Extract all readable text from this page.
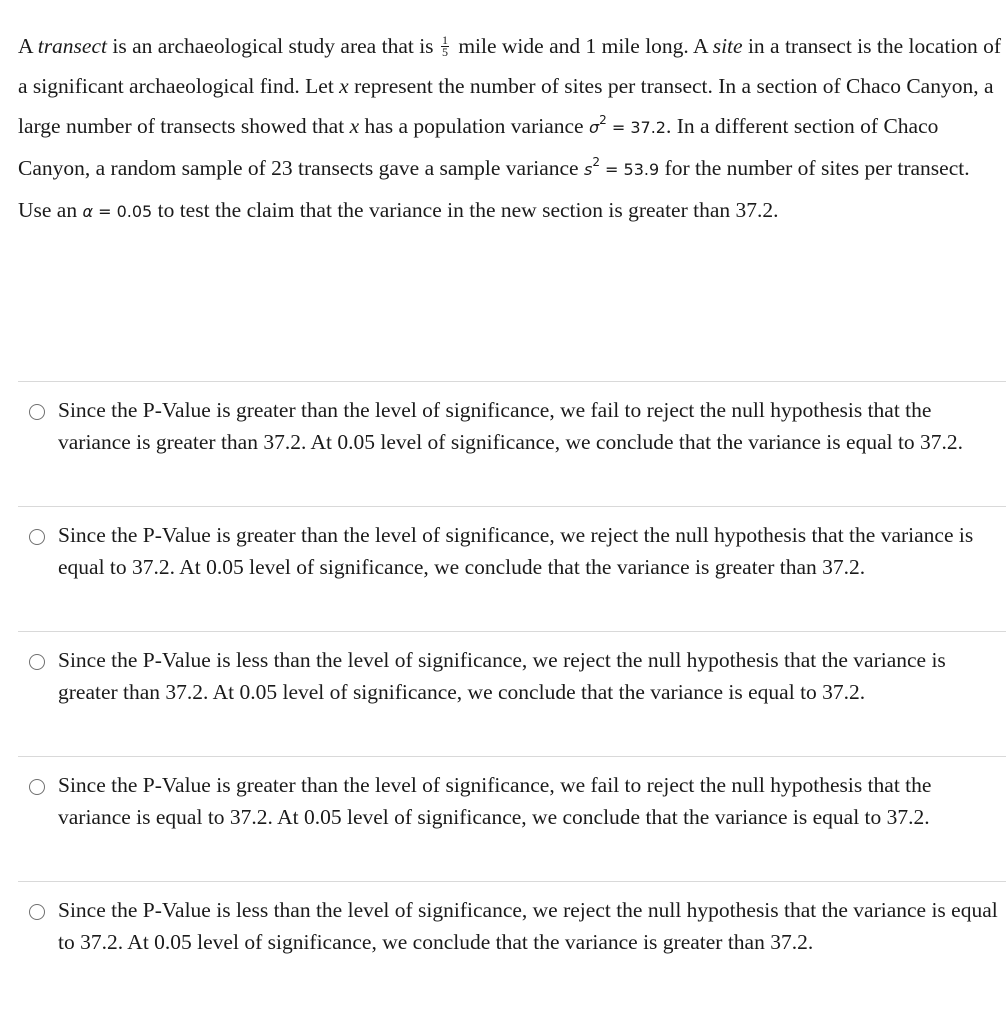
A transect is an archaeological study area that is $\frac{1}{5}$ mile wide and 1 mile long. A site in a transect is the location of a significant archaeological find. Let x represent the number of sites per transect. In a section of Chaco Canyon, a large number of transects showed that x has a population variance $\sigma^2 = 37.2$. In a different section of Chaco Canyon, a random sample of 23 transects gave a sample variance $s^2 = 53.9$ for the number of sites per transect. Use an α = 0.05 to test the claim that the variance in the new section is greater than 37.2.
Since the P-Value is greater than the level of significance, we fail to reject the null hypothesis that the variance is greater than 37.2. At 0.05 level of significance, we conclude that the variance is equal to 37.2.
Since the P-Value is greater than the level of significance, we reject the null hypothesis that the variance is equal to 37.2. At 0.05 level of significance, we conclude that the variance is greater than 37.2.
Since the P-Value is less than the level of significance, we reject the null hypothesis that the variance is greater than 37.2. At 0.05 level of significance, we conclude that the variance is equal to 37.2.
Since the P-Value is greater than the level of significance, we fail to reject the null hypothesis that the variance is equal to 37.2. At 0.05 level of significance, we conclude that the variance is equal to 37.2.
Since the P-Value is less than the level of significance, we reject the null hypothesis that the variance is equal to 37.2. At 0.05 level of significance, we conclude that the variance is greater than 37.2.
